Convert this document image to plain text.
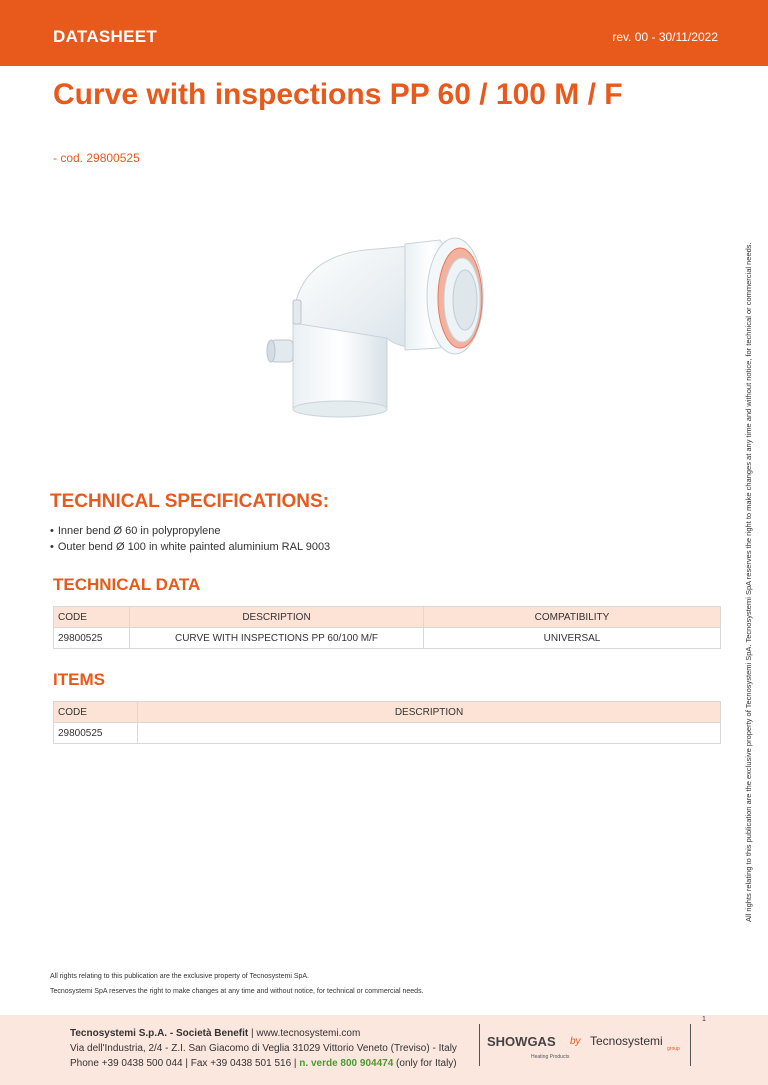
DATASHEET	rev. 00 - 30/11/2022
Curve with inspections PP 60 / 100 M / F
- cod. 29800525
All rights relating to this publication are the exclusive property of Tecnosystemi SpA. Tecnosystemi SpA reserves the right to make changes at any time and without notice, for technical or commercial needs.
TECHNICAL SPECIFICATIONS:
• Inner bend Ø 60 in polypropylene
• Outer bend Ø 100 in white painted aluminium RAL 9003
TECHNICAL DATA
CODE	DESCRIPTION	COMPATIBILITY
29800525	CURVE WITH INSPECTIONS PP 60/100 M/F	UNIVERSAL
ITEMS
CODE	DESCRIPTION
29800525	
All rights relating to this publication are the exclusive property of Tecnosystemi SpA.
Tecnosystemi SpA reserves the right to make changes at any time and without notice, for technical or commercial needs.
1
Tecnosystemi S.p.A. - Società Benefit | www.tecnosystemi.com
Via dell'Industria, 2/4 - Z.I. San Giacomo di Veglia 31029 Vittorio Veneto (Treviso) - Italy
Phone +39 0438 500 044 | Fax +39 0438 501 516 | n. verde 800 904474 (only for Italy)
SHOWGAS
Heating Products
by Tecnosystemi
group
